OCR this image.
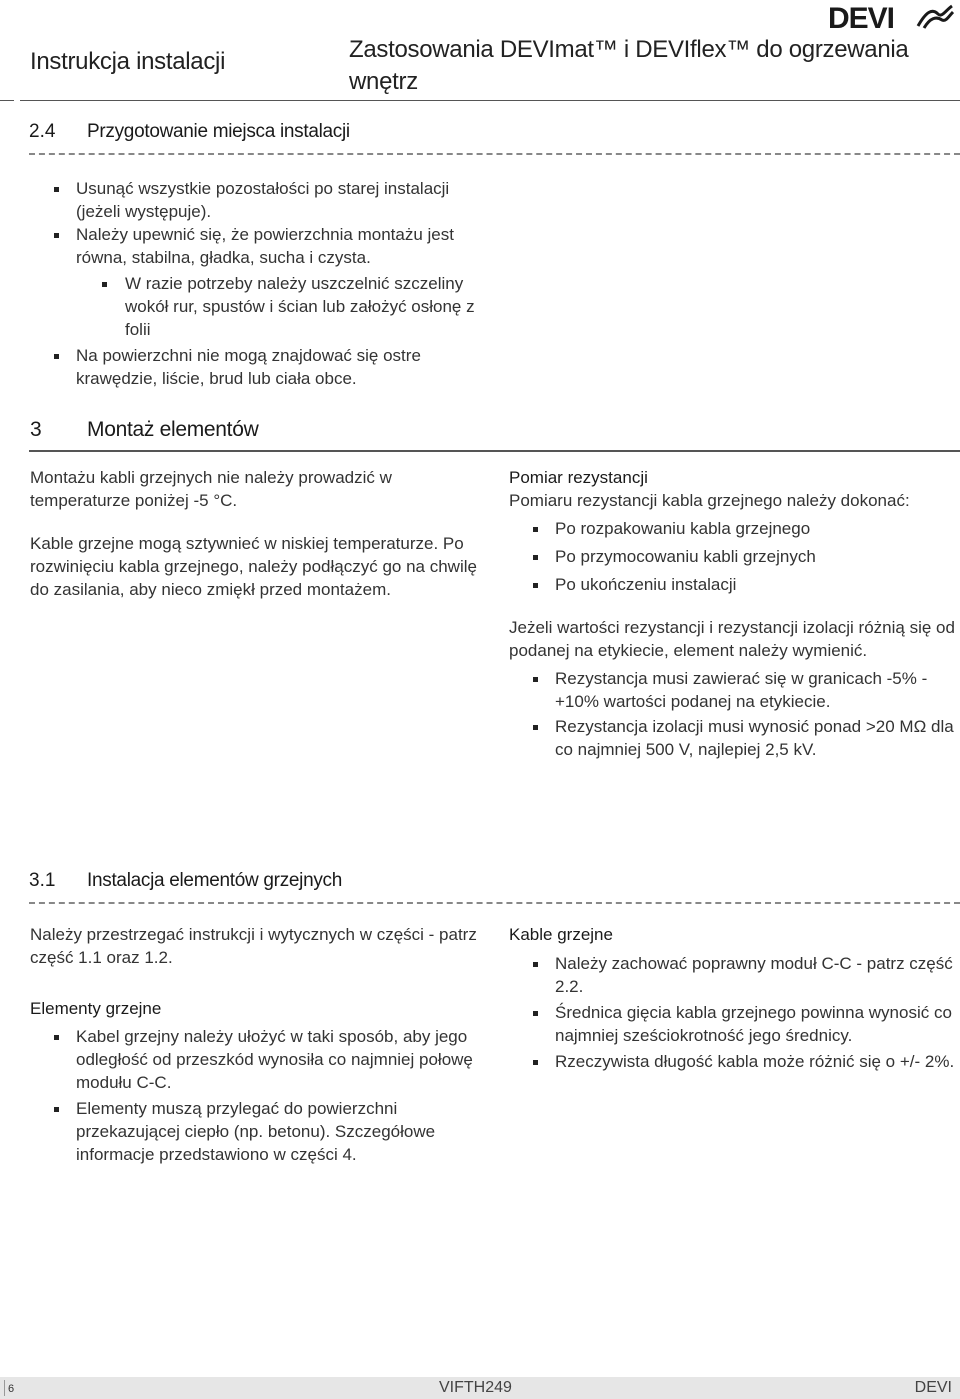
DEVI
Instrukcja instalacji	Zastosowania DEVImat™ i DEVIflex™ do ogrzewania wnętrz
2.4 Przygotowanie miejsca instalacji
Usunąć wszystkie pozostałości po starej instalacji (jeżeli występuje).
Należy upewnić się, że powierzchnia montażu jest równa, stabilna, gładka, sucha i czysta.
W razie potrzeby należy uszczelnić szczeliny wokół rur, spustów i ścian lub założyć osłonę z folii
Na powierzchni nie mogą znajdować się ostre krawędzie, liście, brud lub ciała obce.
3 Montaż elementów

Montażu kabli grzejnych nie należy prowadzić w temperaturze poniżej -5 °C.

Kable grzejne mogą sztywnieć w niskiej temperaturze. Po rozwinięciu kabla grzejnego, należy podłączyć go na chwilę do zasilania, aby nieco zmiękł przed montażem.

Pomiar rezystancji

Pomiaru rezystancji kabla grzejnego należy dokonać:

Po rozpakowaniu kabla grzejnego
Po przymocowaniu kabli grzejnych
Po ukończeniu instalacji

Jeżeli wartości rezystancji i rezystancji izolacji różnią się od podanej na etykiecie, element należy wymienić.

Rezystancja musi zawierać się w granicach -5% - +10% wartości podanej na etykiecie.
Rezystancja izolacji musi wynosić ponad >20 MΩ dla co najmniej 500 V, najlepiej 2,5 kV.
3.1 Instalacja elementów grzejnych

Należy przestrzegać instrukcji i wytycznych w części - patrz część 1.1 oraz 1.2.

Elementy grzejne
Kabel grzejny należy ułożyć w taki sposób, aby jego odległość od przeszkód wynosiła co najmniej połowę modułu C-C.
Elementy muszą przylegać do powierzchni przekazującej ciepło (np. betonu). Szczegółowe informacje przedstawiono w części 4.
Kable grzejne
Należy zachować poprawny moduł C-C - patrz część 2.2.
Średnica gięcia kabla grzejnego powinna wynosić co najmniej sześciokrotność jego średnicy.
Rzeczywista długość kabla może różnić się o +/- 2%.
6	VIFTH249	DEVI
